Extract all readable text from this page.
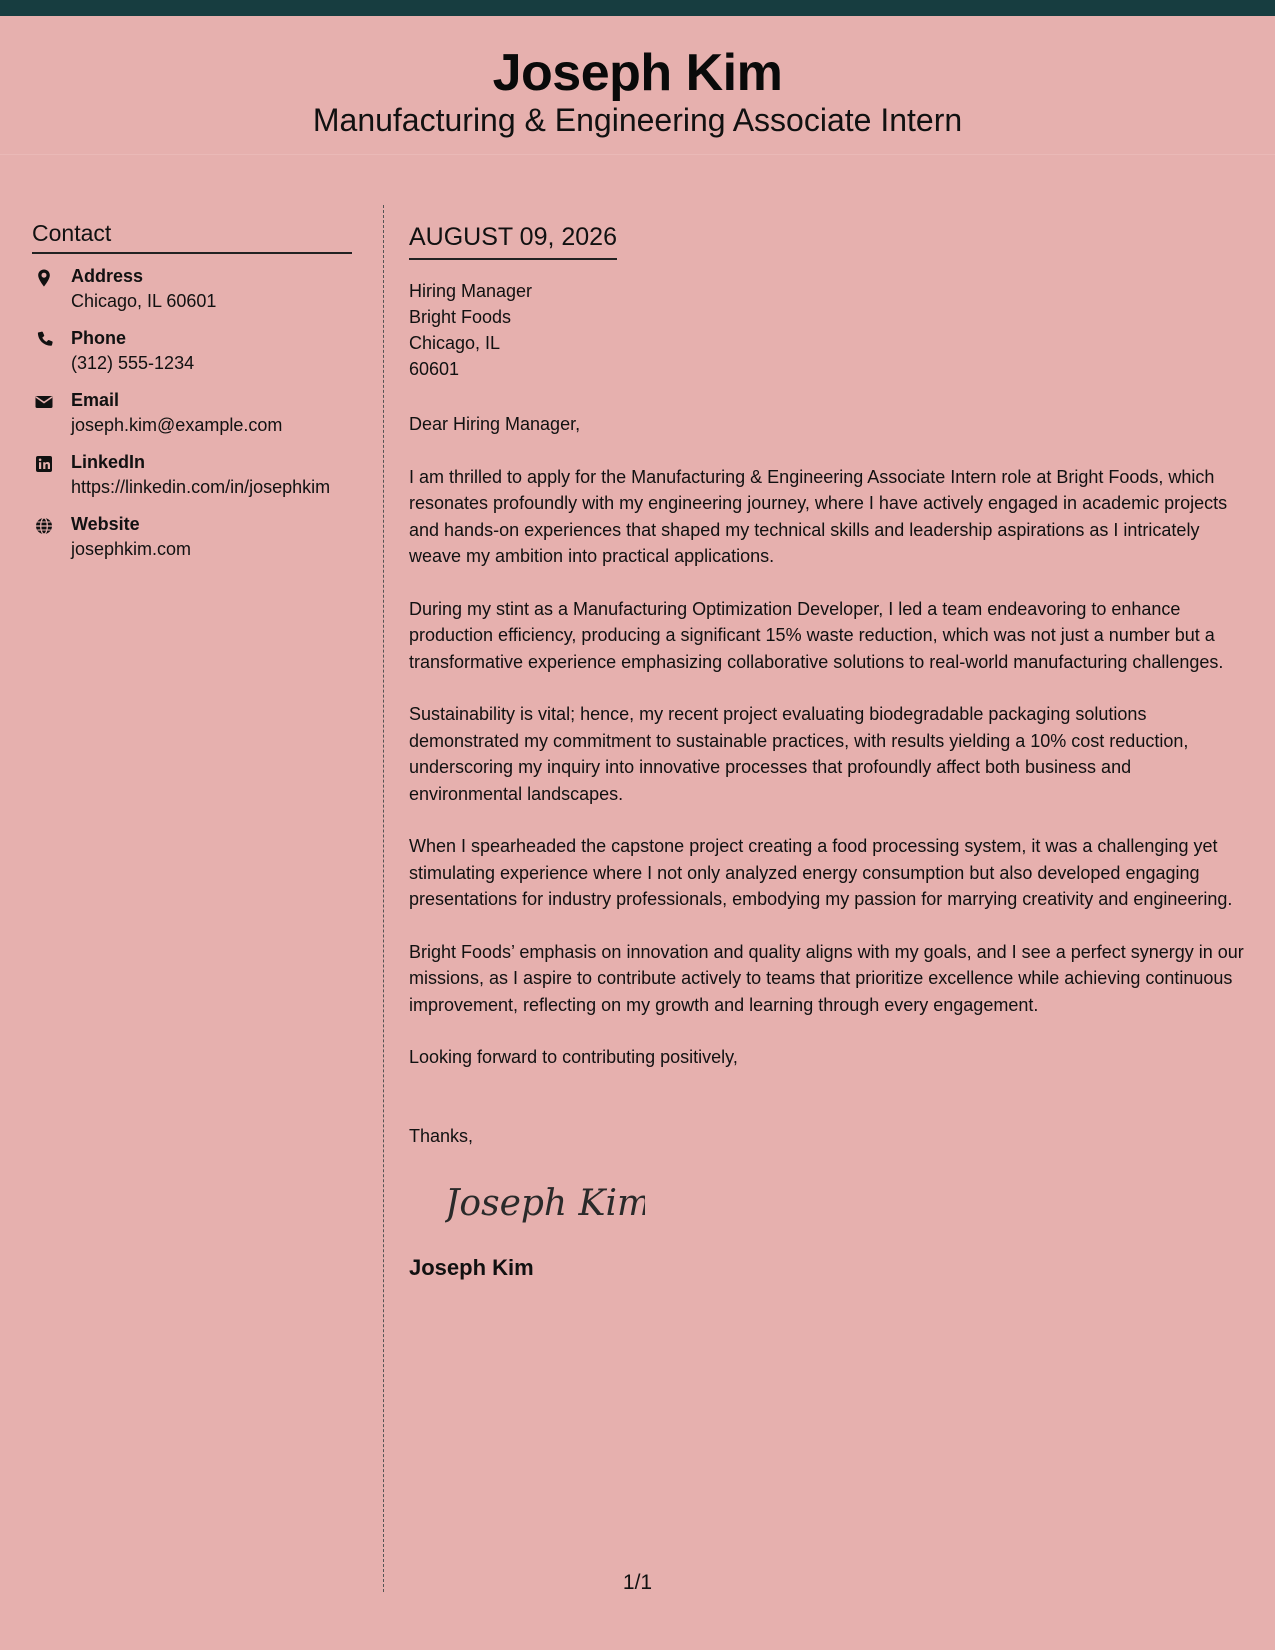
Joseph Kim
Manufacturing & Engineering Associate Intern
Contact
Address
Chicago, IL 60601
Phone
(312) 555-1234
Email
joseph.kim@example.com
LinkedIn
https://linkedin.com/in/josephkim
Website
josephkim.com
AUGUST 09, 2026
Hiring Manager
Bright Foods
Chicago, IL
60601
Dear Hiring Manager,
I am thrilled to apply for the Manufacturing & Engineering Associate Intern role at Bright Foods, which resonates profoundly with my engineering journey, where I have actively engaged in academic projects and hands-on experiences that shaped my technical skills and leadership aspirations as I intricately weave my ambition into practical applications.
During my stint as a Manufacturing Optimization Developer, I led a team endeavoring to enhance production efficiency, producing a significant 15% waste reduction, which was not just a number but a transformative experience emphasizing collaborative solutions to real-world manufacturing challenges.
Sustainability is vital; hence, my recent project evaluating biodegradable packaging solutions demonstrated my commitment to sustainable practices, with results yielding a 10% cost reduction, underscoring my inquiry into innovative processes that profoundly affect both business and environmental landscapes.
When I spearheaded the capstone project creating a food processing system, it was a challenging yet stimulating experience where I not only analyzed energy consumption but also developed engaging presentations for industry professionals, embodying my passion for marrying creativity and engineering.
Bright Foods’ emphasis on innovation and quality aligns with my goals, and I see a perfect synergy in our missions, as I aspire to contribute actively to teams that prioritize excellence while achieving continuous improvement, reflecting on my growth and learning through every engagement.
Looking forward to contributing positively,
Thanks,
Joseph Kim
Joseph Kim
1/1
